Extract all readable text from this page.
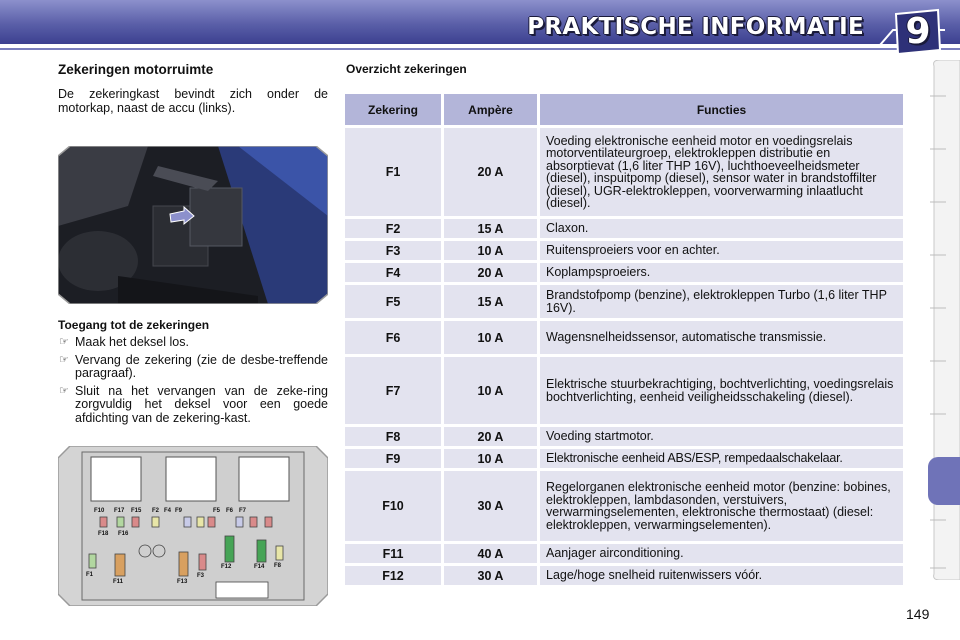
PRAKTISCHE INFORMATIE 9
Zekeringen motorruimte
De zekeringkast bevindt zich onder de motorkap, naast de accu (links).
Toegang tot de zekeringen
☞ Maak het deksel los.
☞ Vervang de zekering (zie de desbe-treffende paragraaf).
☞ Sluit na het vervangen van de zeke-ring zorgvuldig het deksel voor een goede afdichting van de zekering-kast.
F10 F17 F15 F2 F4 F9	F5 F6 F7
F18 F16
F1
F11	F13
F3
F12	F14 F8
Overzicht zekeringen
Zekering	Ampère	Functies
F1	20 A	Voeding elektronische eenheid motor en voedingsrelais motorventilateurgroep, elektrokleppen distributie en absorptievat (1,6 liter THP 16V), luchthoeveelheidsmeter (diesel), inspuitpomp (diesel), sensor water in brandstoffilter (diesel), UGR-elektrokleppen, voorverwarming inlaatlucht (diesel).
F2	15 A	Claxon.
F3	10 A	Ruitensproeiers voor en achter.
F4	20 A	Koplampsproeiers.
F5	15 A	Brandstofpomp (benzine), elektrokleppen Turbo (1,6 liter THP 16V).
F6	10 A	Wagensnelheidssensor, automatische transmissie.
F7	10 A	Elektrische stuurbekrachtiging, bochtverlichting, voedingsrelais bochtverlichting, eenheid veiligheidsschakeling (diesel).
F8	20 A	Voeding startmotor.
F9	10 A	Elektronische eenheid ABS/ESP, rempedaalschakelaar.
F10	30 A	Regelorganen elektronische eenheid motor (benzine: bobines, elektrokleppen, lambdasonden, verstuivers, verwarmingselementen, elektronische thermostaat) (diesel: elektrokleppen, verwarmingselementen).
F11	40 A	Aanjager airconditioning.
F12	30 A	Lage/hoge snelheid ruitenwissers vóór.
149
